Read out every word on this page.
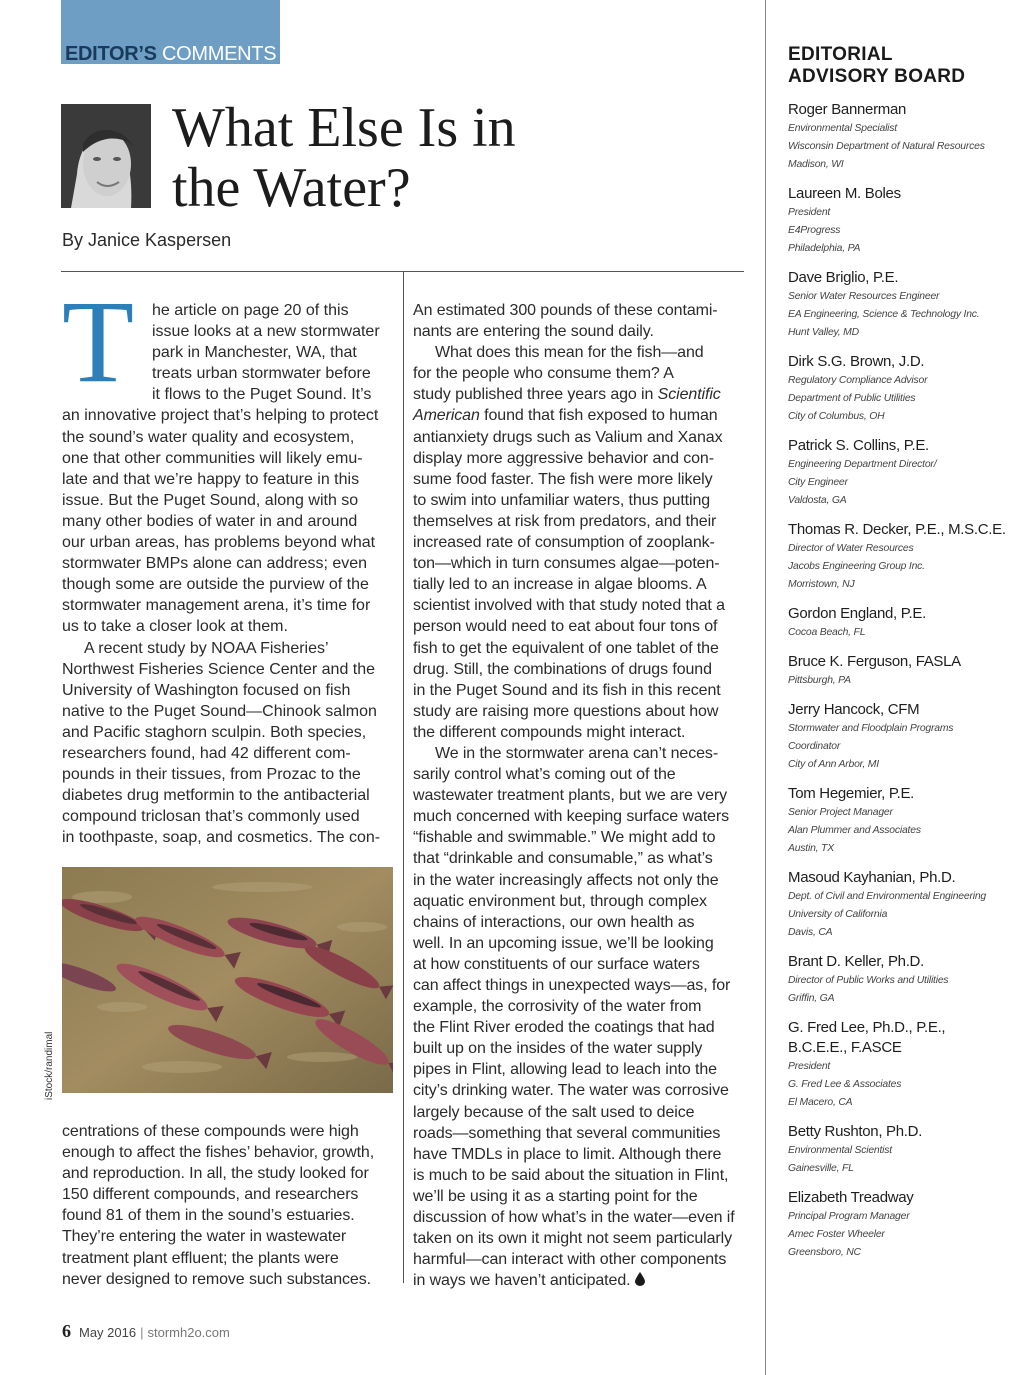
EDITOR’S COMMENTS
What Else Is in
the Water?
By Janice Kaspersen
T	he article on page 20 of this

issue looks at a new stormwater

park in Manchester, WA, that

treats urban stormwater before

it flows to the Puget Sound. It’s

an innovative project that’s helping to protect

the sound’s water quality and ecosystem,

one that other communities will likely emu-

late and that we’re happy to feature in this

issue. But the Puget Sound, along with so

many other bodies of water in and around

our urban areas, has problems beyond what

stormwater BMPs alone can address; even

though some are outside the purview of the

stormwater management arena, it’s time for

us to take a closer look at them.

A recent study by NOAA Fisheries’

Northwest Fisheries Science Center and the

University of Washington focused on fish

native to the Puget Sound—Chinook salmon

and Pacific staghorn sculpin. Both species,

researchers found, had 42 different com-

pounds in their tissues, from Prozac to the

diabetes drug metformin to the antibacterial

compound triclosan that’s commonly used

in toothpaste, soap, and cosmetics. The con-

iStock/randimal

centrations of these compounds were high

enough to affect the fishes’ behavior, growth,

and reproduction. In all, the study looked for

150 different compounds, and researchers

found 81 of them in the sound’s estuaries.

They’re entering the water in wastewater

treatment plant effluent; the plants were

never designed to remove such substances.

An estimated 300 pounds of these contami-

nants are entering the sound daily.

What does this mean for the fish—and

for the people who consume them? A

study published three years ago in Scientific

American found that fish exposed to human

antianxiety drugs such as Valium and Xanax

display more aggressive behavior and con-

sume food faster. The fish were more likely

to swim into unfamiliar waters, thus putting

themselves at risk from predators, and their

increased rate of consumption of zooplank-

ton—which in turn consumes algae—poten-

tially led to an increase in algae blooms. A

scientist involved with that study noted that a

person would need to eat about four tons of

fish to get the equivalent of one tablet of the

drug. Still, the combinations of drugs found

in the Puget Sound and its fish in this recent

study are raising more questions about how

the different compounds might interact.

We in the stormwater arena can’t neces-

sarily control what’s coming out of the

wastewater treatment plants, but we are very

much concerned with keeping surface waters

“fishable and swimmable.” We might add to

that “drinkable and consumable,” as what’s

in the water increasingly affects not only the

aquatic environment but, through complex

chains of interactions, our own health as

well. In an upcoming issue, we’ll be looking

at how constituents of our surface waters

can affect things in unexpected ways—as, for

example, the corrosivity of the water from

the Flint River eroded the coatings that had

built up on the insides of the water supply

pipes in Flint, allowing lead to leach into the

city’s drinking water. The water was corrosive

largely because of the salt used to deice

roads—something that several communities

have TMDLs in place to limit. Although there

is much to be said about the situation in Flint,

we’ll be using it as a starting point for the

discussion of how what’s in the water—even if

taken on its own it might not seem particularly

harmful—can interact with other components

in ways we haven’t anticipated.

6 May 2016 | stormh2o.com
EDITORIAL
ADVISORY BOARD
Roger Bannerman
Environmental Specialist
Wisconsin Department of Natural Resources
Madison, WI
Laureen M. Boles
President
E4Progress
Philadelphia, PA
Dave Briglio, P.E.
Senior Water Resources Engineer
EA Engineering, Science & Technology Inc.
Hunt Valley, MD
Dirk S.G. Brown, J.D.
Regulatory Compliance Advisor
Department of Public Utilities
City of Columbus, OH
Patrick S. Collins, P.E.
Engineering Department Director/
City Engineer
Valdosta, GA
Thomas R. Decker, P.E., M.S.C.E.
Director of Water Resources
Jacobs Engineering Group Inc.
Morristown, NJ
Gordon England, P.E.
Cocoa Beach, FL
Bruce K. Ferguson, FASLA
Pittsburgh, PA
Jerry Hancock, CFM
Stormwater and Floodplain Programs
Coordinator
City of Ann Arbor, MI
Tom Hegemier, P.E.
Senior Project Manager
Alan Plummer and Associates
Austin, TX
Masoud Kayhanian, Ph.D.
Dept. of Civil and Environmental Engineering
University of California
Davis, CA
Brant D. Keller, Ph.D.
Director of Public Works and Utilities
Griffin, GA
G. Fred Lee, Ph.D., P.E.,
B.C.E.E., F.ASCE
President
G. Fred Lee & Associates
El Macero, CA
Betty Rushton, Ph.D.
Environmental Scientist
Gainesville, FL
Elizabeth Treadway
Principal Program Manager
Amec Foster Wheeler
Greensboro, NC
